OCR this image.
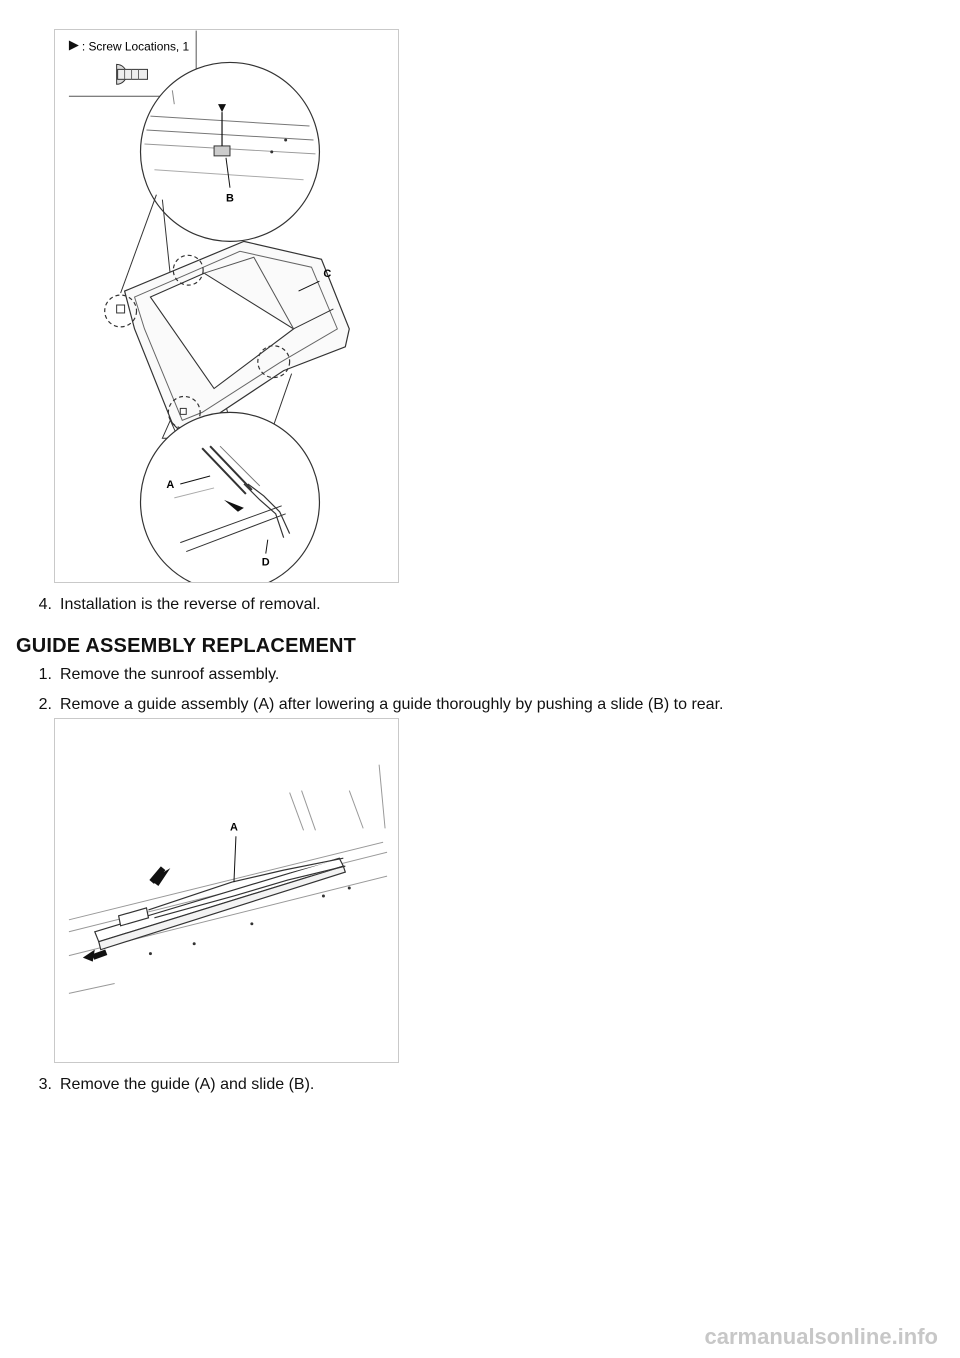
: Screw Locations, 1
B
C
A
D
4. Installation is the reverse of removal.
GUIDE ASSEMBLY REPLACEMENT
1. Remove the sunroof assembly.
2. Remove a guide assembly (A) after lowering a guide thoroughly by pushing a slide (B) to rear.
A
3. Remove the guide (A) and slide (B).
carmanualsonline.info
